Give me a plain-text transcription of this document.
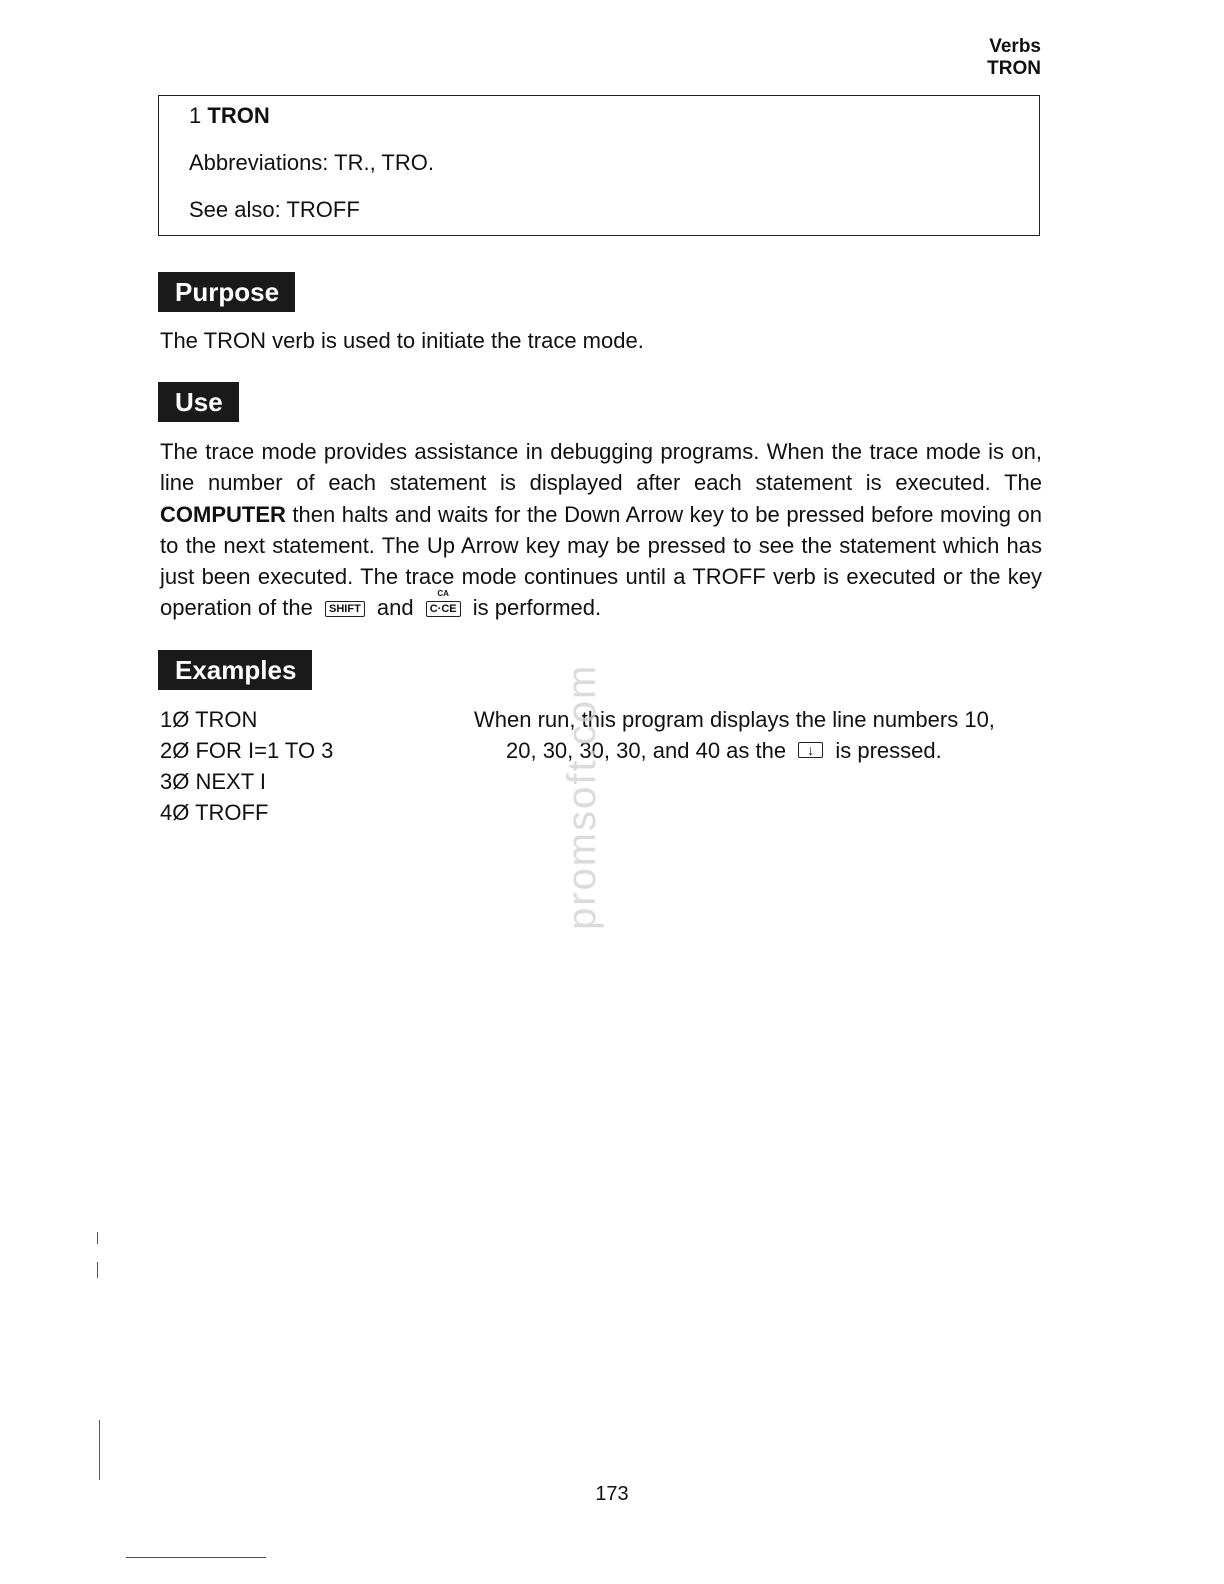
Verbs
TRON
1 TRON
Abbreviations: TR., TRO.
See also: TROFF
Purpose
The TRON verb is used to initiate the trace mode.
Use
The trace mode provides assistance in debugging programs. When the trace mode is on, line number of each statement is displayed after each statement is executed. The COMPUTER then halts and waits for the Down Arrow key to be pressed before moving on to the next statement. The Up Arrow key may be pressed to see the statement which has just been executed. The trace mode continues until a TROFF verb is executed or the key operation of the SHIFT and
CA
C·CE is performed.
Examples
1Ø TRON
2Ø FOR I=1 TO 3
3Ø NEXT I
4Ø TROFF
When run, this program displays the line numbers 10,
20, 30, 30, 30, and 40 as the ↓ is pressed.
promsoft.com
173
